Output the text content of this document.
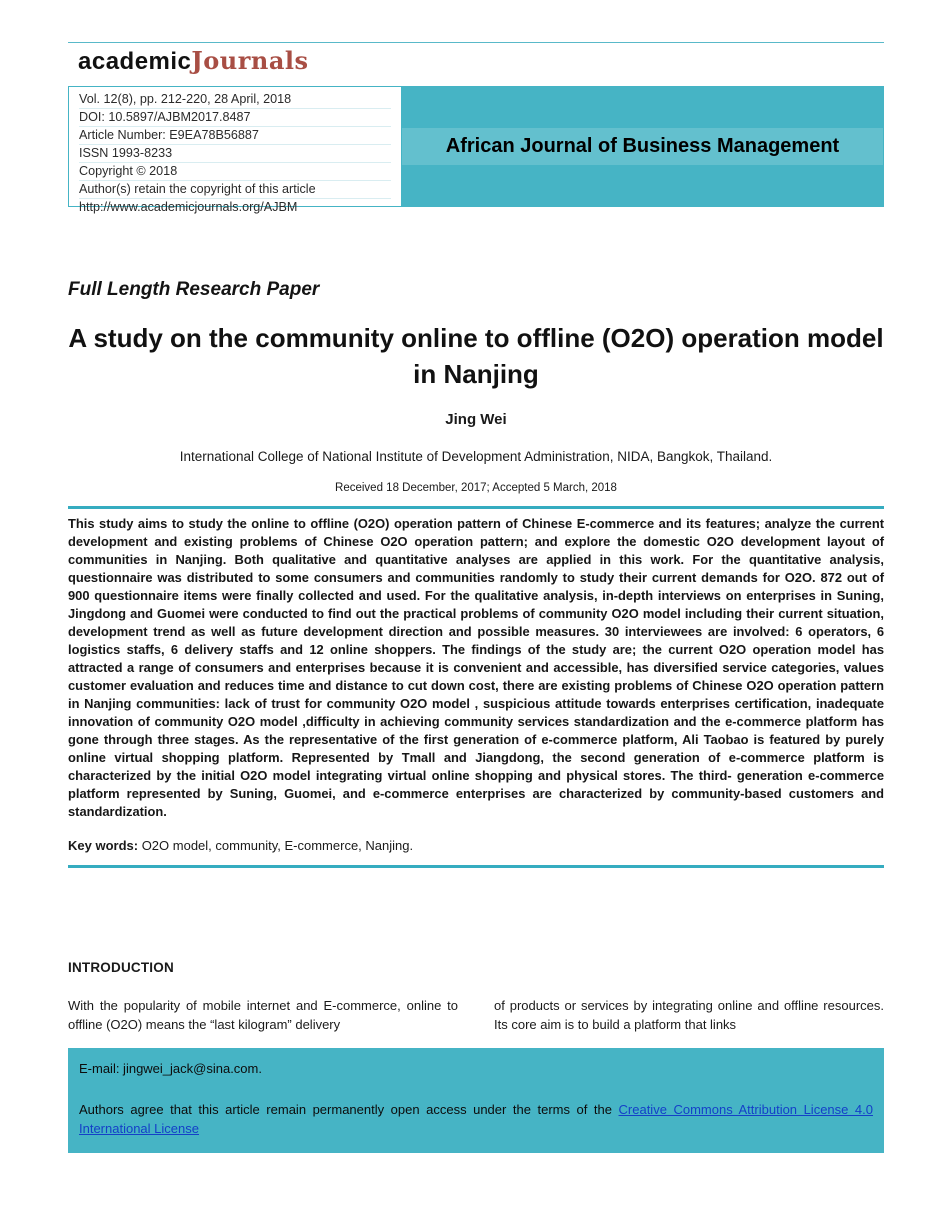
academicJournals
Vol. 12(8), pp. 212-220, 28 April, 2018
DOI: 10.5897/AJBM2017.8487
Article Number: E9EA78B56887
ISSN 1993-8233
Copyright © 2018
Author(s) retain the copyright of this article
http://www.academicjournals.org/AJBM
African Journal of Business Management
Full Length Research Paper
A study on the community online to offline (O2O) operation model in Nanjing
Jing Wei
International College of National Institute of Development Administration, NIDA, Bangkok, Thailand.
Received 18 December, 2017; Accepted 5 March, 2018
This study aims to study the online to offline (O2O) operation pattern of Chinese E-commerce and its features; analyze the current development and existing problems of Chinese O2O operation pattern; and explore the domestic O2O development layout of communities in Nanjing. Both qualitative and quantitative analyses are applied in this work. For the quantitative analysis, questionnaire was distributed to some consumers and communities randomly to study their current demands for O2O. 872 out of 900 questionnaire items were finally collected and used. For the qualitative analysis, in-depth interviews on enterprises in Suning, Jingdong and Guomei were conducted to find out the practical problems of community O2O model including their current situation, development trend as well as future development direction and possible measures. 30 interviewees are involved: 6 operators, 6 logistics staffs, 6 delivery staffs and 12 online shoppers. The findings of the study are; the current O2O operation model has attracted a range of consumers and enterprises because it is convenient and accessible, has diversified service categories, values customer evaluation and reduces time and distance to cut down cost, there are existing problems of Chinese O2O operation pattern in Nanjing communities: lack of trust for community O2O model , suspicious attitude towards enterprises certification, inadequate innovation of community O2O model ,difficulty in achieving community services standardization and the e-commerce platform has gone through three stages. As the representative of the first generation of e-commerce platform, Ali Taobao is featured by purely online virtual shopping platform. Represented by Tmall and Jiangdong, the second generation of e-commerce platform is characterized by the initial O2O model integrating virtual online shopping and physical stores. The third- generation e-commerce platform represented by Suning, Guomei, and e-commerce enterprises are characterized by community-based customers and standardization.
Key words: O2O model, community, E-commerce, Nanjing.
INTRODUCTION
With the popularity of mobile internet and E-commerce, online to offline (O2O) means the “last kilogram” delivery
of products or services by integrating online and offline resources. Its core aim is to build a platform that links
E-mail: jingwei_jack@sina.com.
Authors agree that this article remain permanently open access under the terms of the Creative Commons Attribution License 4.0 International License
